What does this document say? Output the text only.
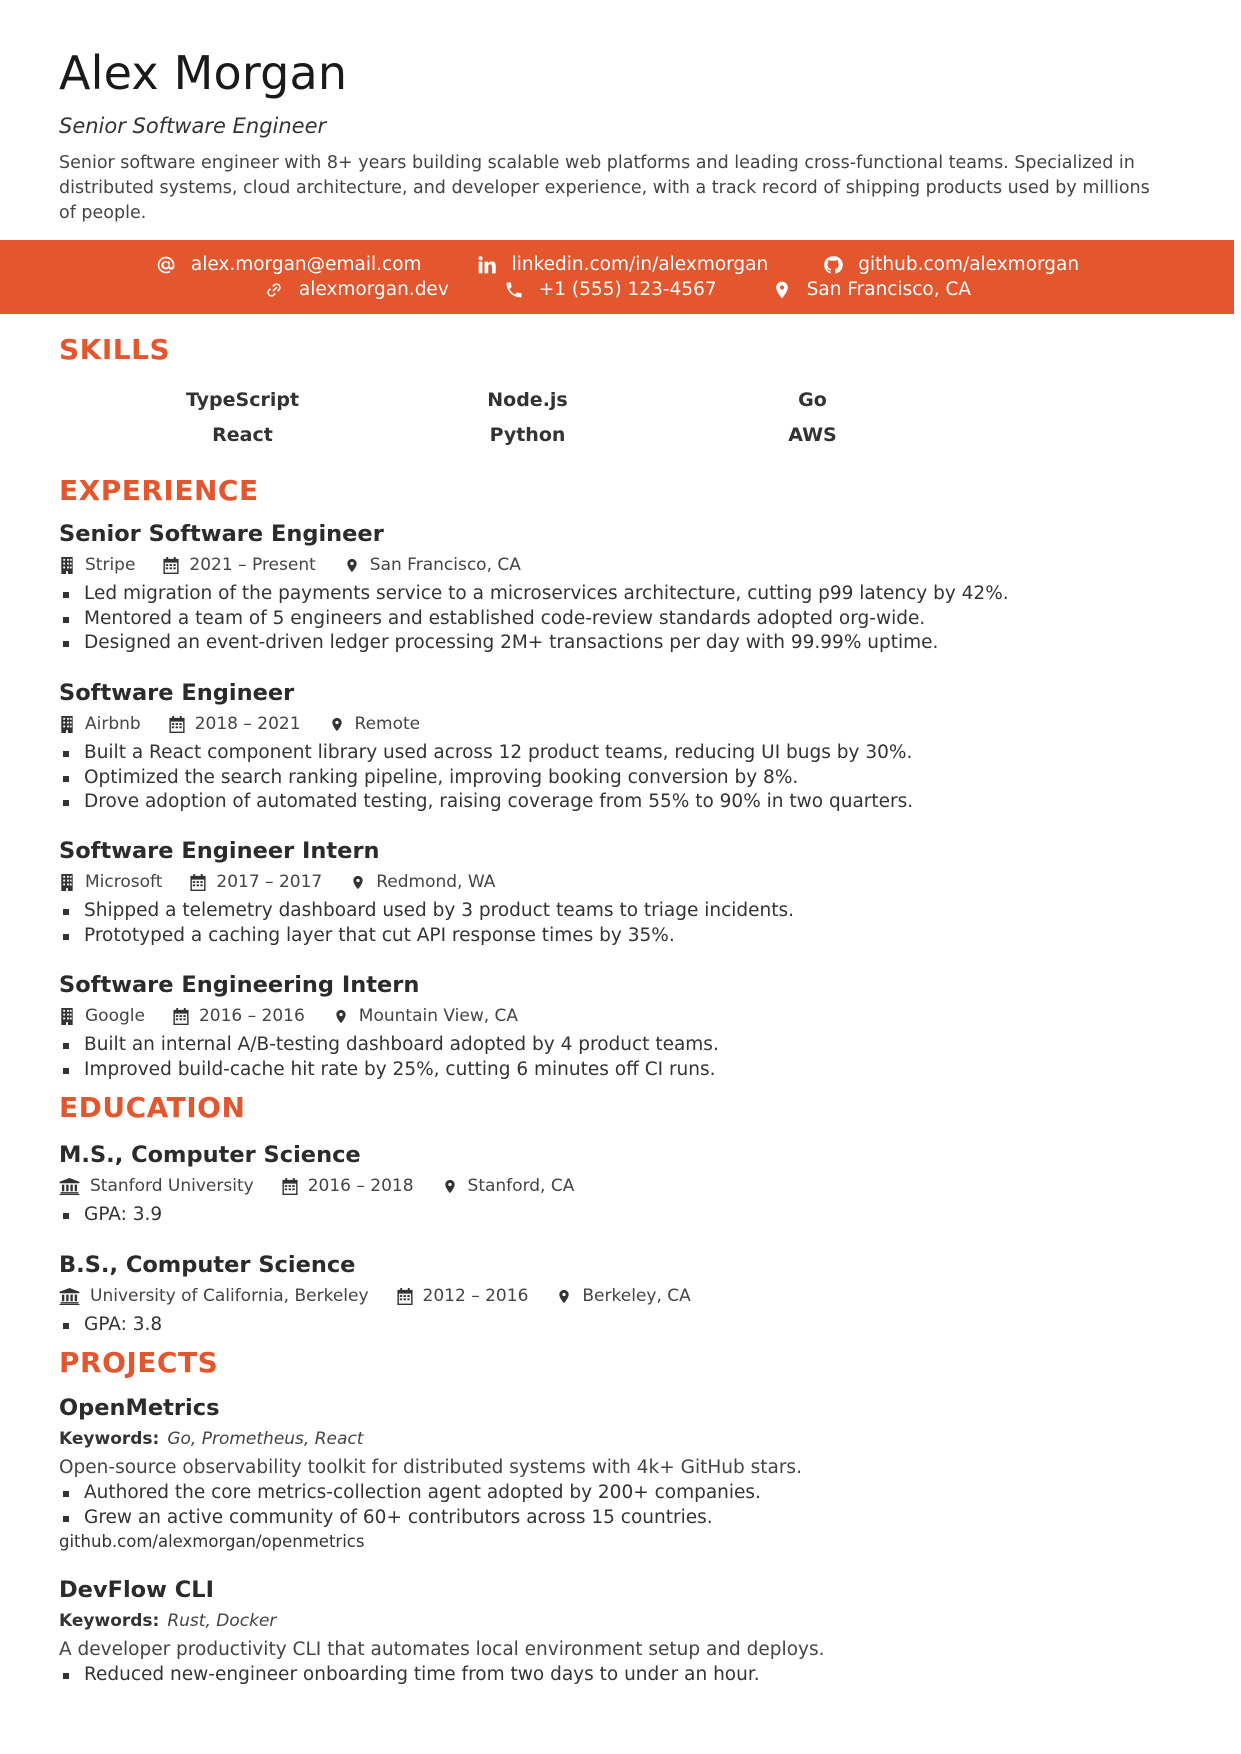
Alex Morgan
Senior Software Engineer
Senior software engineer with 8+ years building scalable web platforms and leading cross-functional teams. Specialized in distributed systems, cloud architecture, and developer experience, with a track record of shipping products used by millions of people.
alex.morgan@email.com	linkedin.com/in/alexmorgan	github.com/alexmorgan
alexmorgan.dev	+1 (555) 123-4567	San Francisco, CA
SKILLS
TypeScript	Node.js	Go
React	Python	AWS
EXPERIENCE
Senior Software Engineer
Stripe	2021 – Present	San Francisco, CA
Led migration of the payments service to a microservices architecture, cutting p99 latency by 42%.
Mentored a team of 5 engineers and established code-review standards adopted org-wide.
Designed an event-driven ledger processing 2M+ transactions per day with 99.99% uptime.
Software Engineer
Airbnb	2018 – 2021	Remote
Built a React component library used across 12 product teams, reducing UI bugs by 30%.
Optimized the search ranking pipeline, improving booking conversion by 8%.
Drove adoption of automated testing, raising coverage from 55% to 90% in two quarters.
Software Engineer Intern
Microsoft	2017 – 2017	Redmond, WA
Shipped a telemetry dashboard used by 3 product teams to triage incidents.
Prototyped a caching layer that cut API response times by 35%.
Software Engineering Intern
Google	2016 – 2016	Mountain View, CA
Built an internal A/B-testing dashboard adopted by 4 product teams.
Improved build-cache hit rate by 25%, cutting 6 minutes off CI runs.
EDUCATION
M.S., Computer Science
Stanford University	2016 – 2018	Stanford, CA
GPA: 3.9
B.S., Computer Science
University of California, Berkeley	2012 – 2016	Berkeley, CA
GPA: 3.8
PROJECTS
OpenMetrics
Keywords: Go, Prometheus, React
Open-source observability toolkit for distributed systems with 4k+ GitHub stars.
Authored the core metrics-collection agent adopted by 200+ companies.
Grew an active community of 60+ contributors across 15 countries.
github.com/alexmorgan/openmetrics
DevFlow CLI
Keywords: Rust, Docker
A developer productivity CLI that automates local environment setup and deploys.
Reduced new-engineer onboarding time from two days to under an hour.
